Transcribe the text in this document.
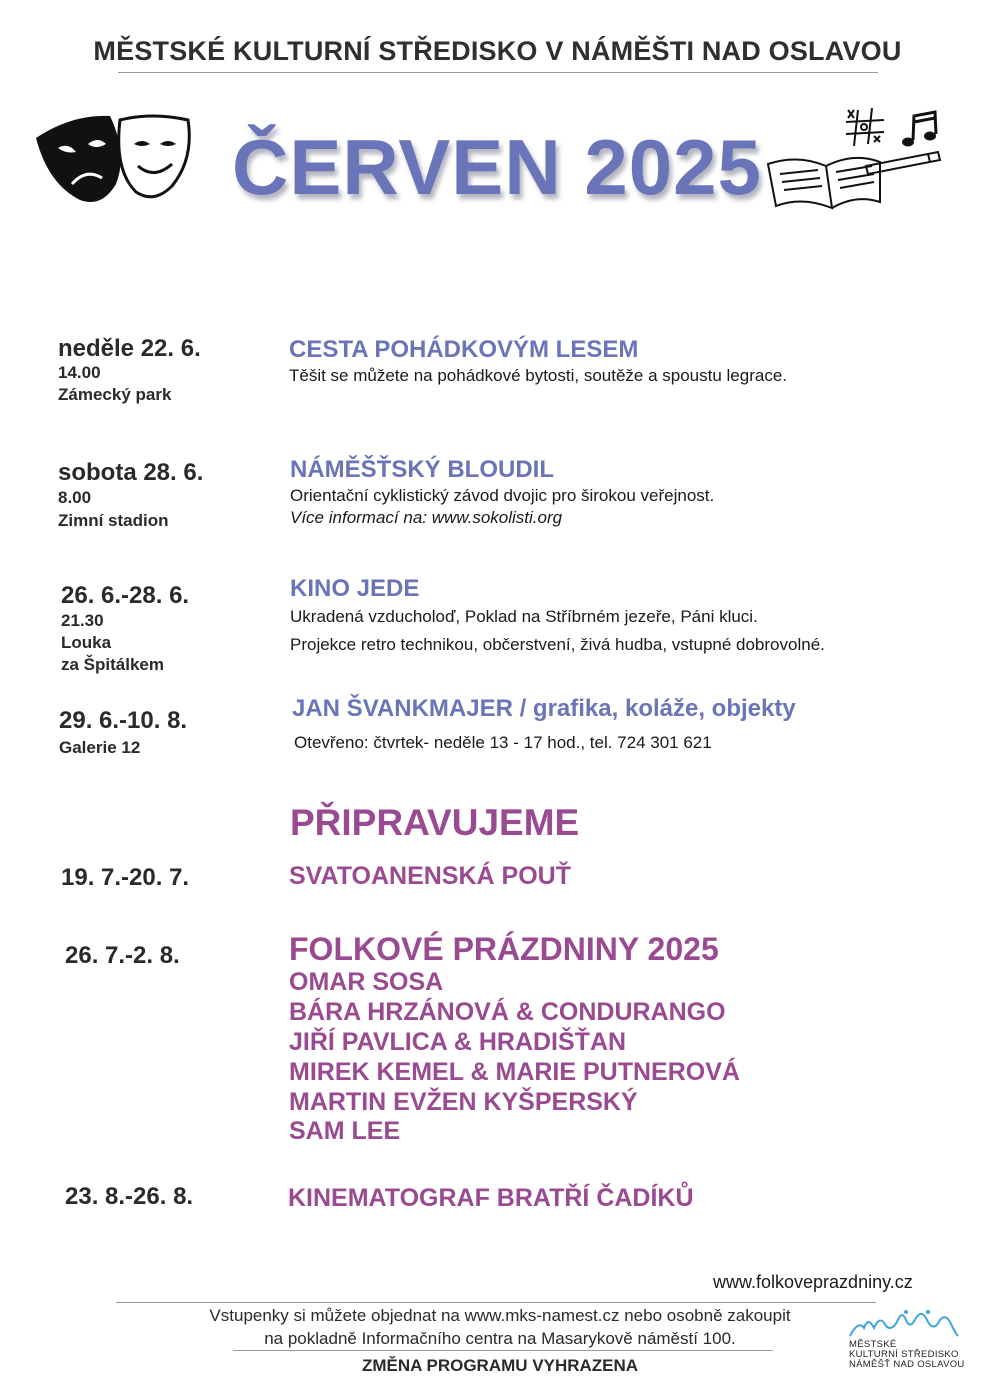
MĚSTSKÉ KULTURNÍ STŘEDISKO V NÁMĚŠTI NAD OSLAVOU
ČERVEN 2025
neděle 22. 6.
14.00
Zámecký park
CESTA POHÁDKOVÝM LESEM
Těšit se můžete na pohádkové bytosti, soutěže a spoustu legrace.
sobota 28. 6.
8.00
Zimní stadion
NÁMĚŠŤSKÝ BLOUDIL
Orientační cyklistický závod dvojic pro širokou veřejnost.
Více informací na: www.sokolisti.org
26. 6.-28. 6.
21.30
Louka
za Špitálkem
KINO JEDE
Ukradená vzducholoď, Poklad na Stříbrném jezeře, Páni kluci.
Projekce retro technikou, občerstvení, živá hudba, vstupné dobrovolné.
29. 6.-10. 8.
Galerie 12
JAN ŠVANKMAJER / grafika, koláže, objekty
Otevřeno: čtvrtek- neděle 13 - 17 hod., tel. 724 301 621
PŘIPRAVUJEME
19. 7.-20. 7.	SVATOANENSKÁ POUŤ
26. 7.-2. 8.	FOLKOVÉ PRÁZDNINY 2025
OMAR SOSA
BÁRA HRZÁNOVÁ & CONDURANGO
JIŘÍ PAVLICA & HRADIŠŤAN
MIREK KEMEL & MARIE PUTNEROVÁ
MARTIN EVŽEN KYŠPERSKÝ
SAM LEE
23. 8.-26. 8.	KINEMATOGRAF BRATŘÍ ČADÍKŮ
www.folkoveprazdniny.cz
Vstupenky si můžete objednat na www.mks-namest.cz nebo osobně zakoupit
na pokladně Informačního centra na Masarykově náměstí 100.
ZMĚNA PROGRAMU VYHRAZENA
MĚSTSKÉ
KULTURNÍ STŘEDISKO
NÁMĚŠŤ NAD OSLAVOU
